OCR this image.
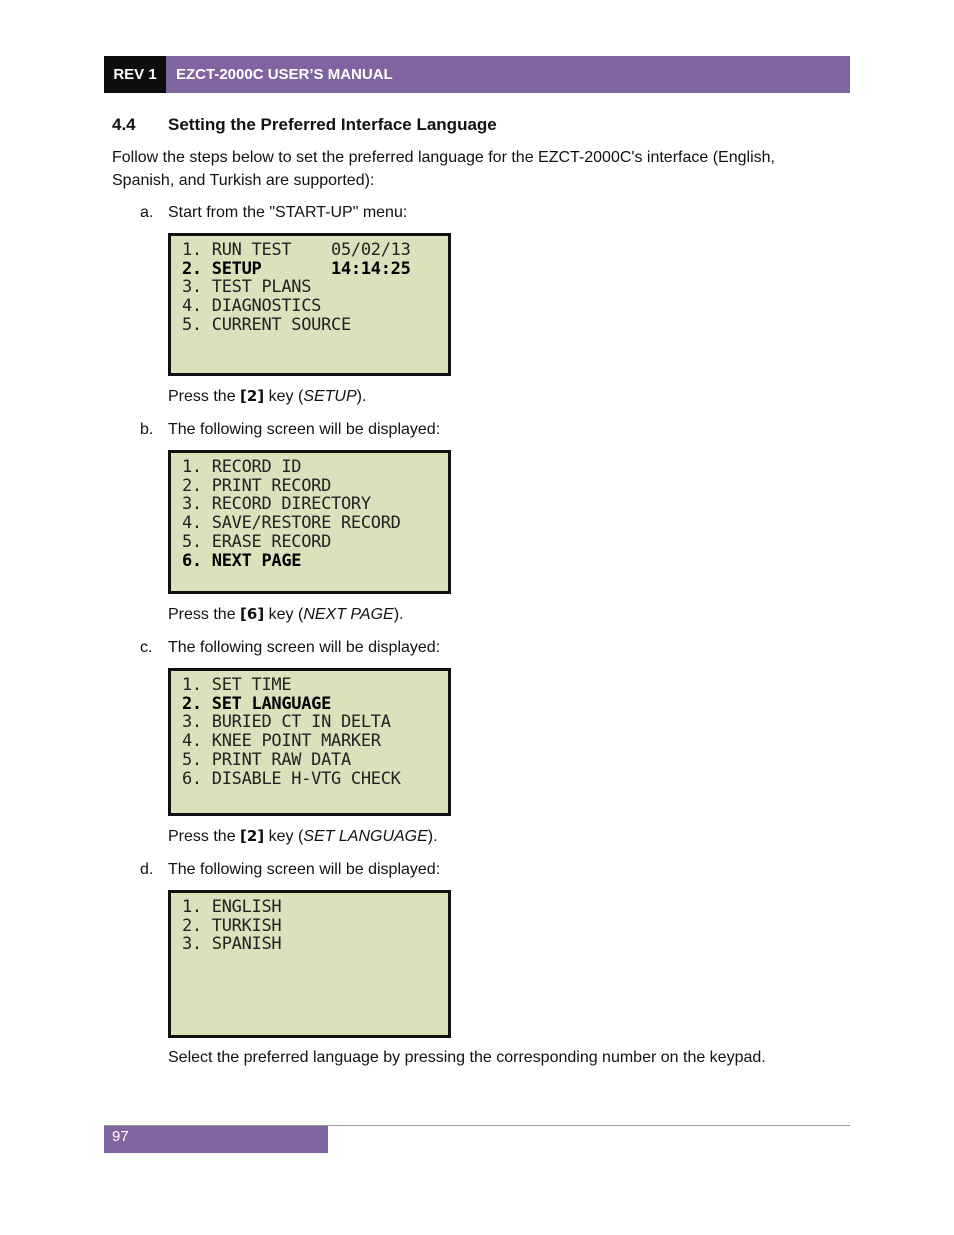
REV 1	EZCT-2000C USER’S MANUAL
4.4 Setting the Preferred Interface Language
Follow the steps below to set the preferred language for the EZCT-2000C's interface (English, Spanish, and Turkish are supported):
a. Start from the "START-UP" menu:
1. RUN TEST    05/02/13
2. SETUP       14:14:25
3. TEST PLANS
4. DIAGNOSTICS
5. CURRENT SOURCE
Press the [2] key (SETUP).
b. The following screen will be displayed:
1. RECORD ID
2. PRINT RECORD
3. RECORD DIRECTORY
4. SAVE/RESTORE RECORD
5. ERASE RECORD
6. NEXT PAGE
Press the [6] key (NEXT PAGE).
c. The following screen will be displayed:
1. SET TIME
2. SET LANGUAGE
3. BURIED CT IN DELTA
4. KNEE POINT MARKER
5. PRINT RAW DATA
6. DISABLE H-VTG CHECK
Press the [2] key (SET LANGUAGE).
d. The following screen will be displayed:
1. ENGLISH
2. TURKISH
3. SPANISH
Select the preferred language by pressing the corresponding number on the keypad.
97
